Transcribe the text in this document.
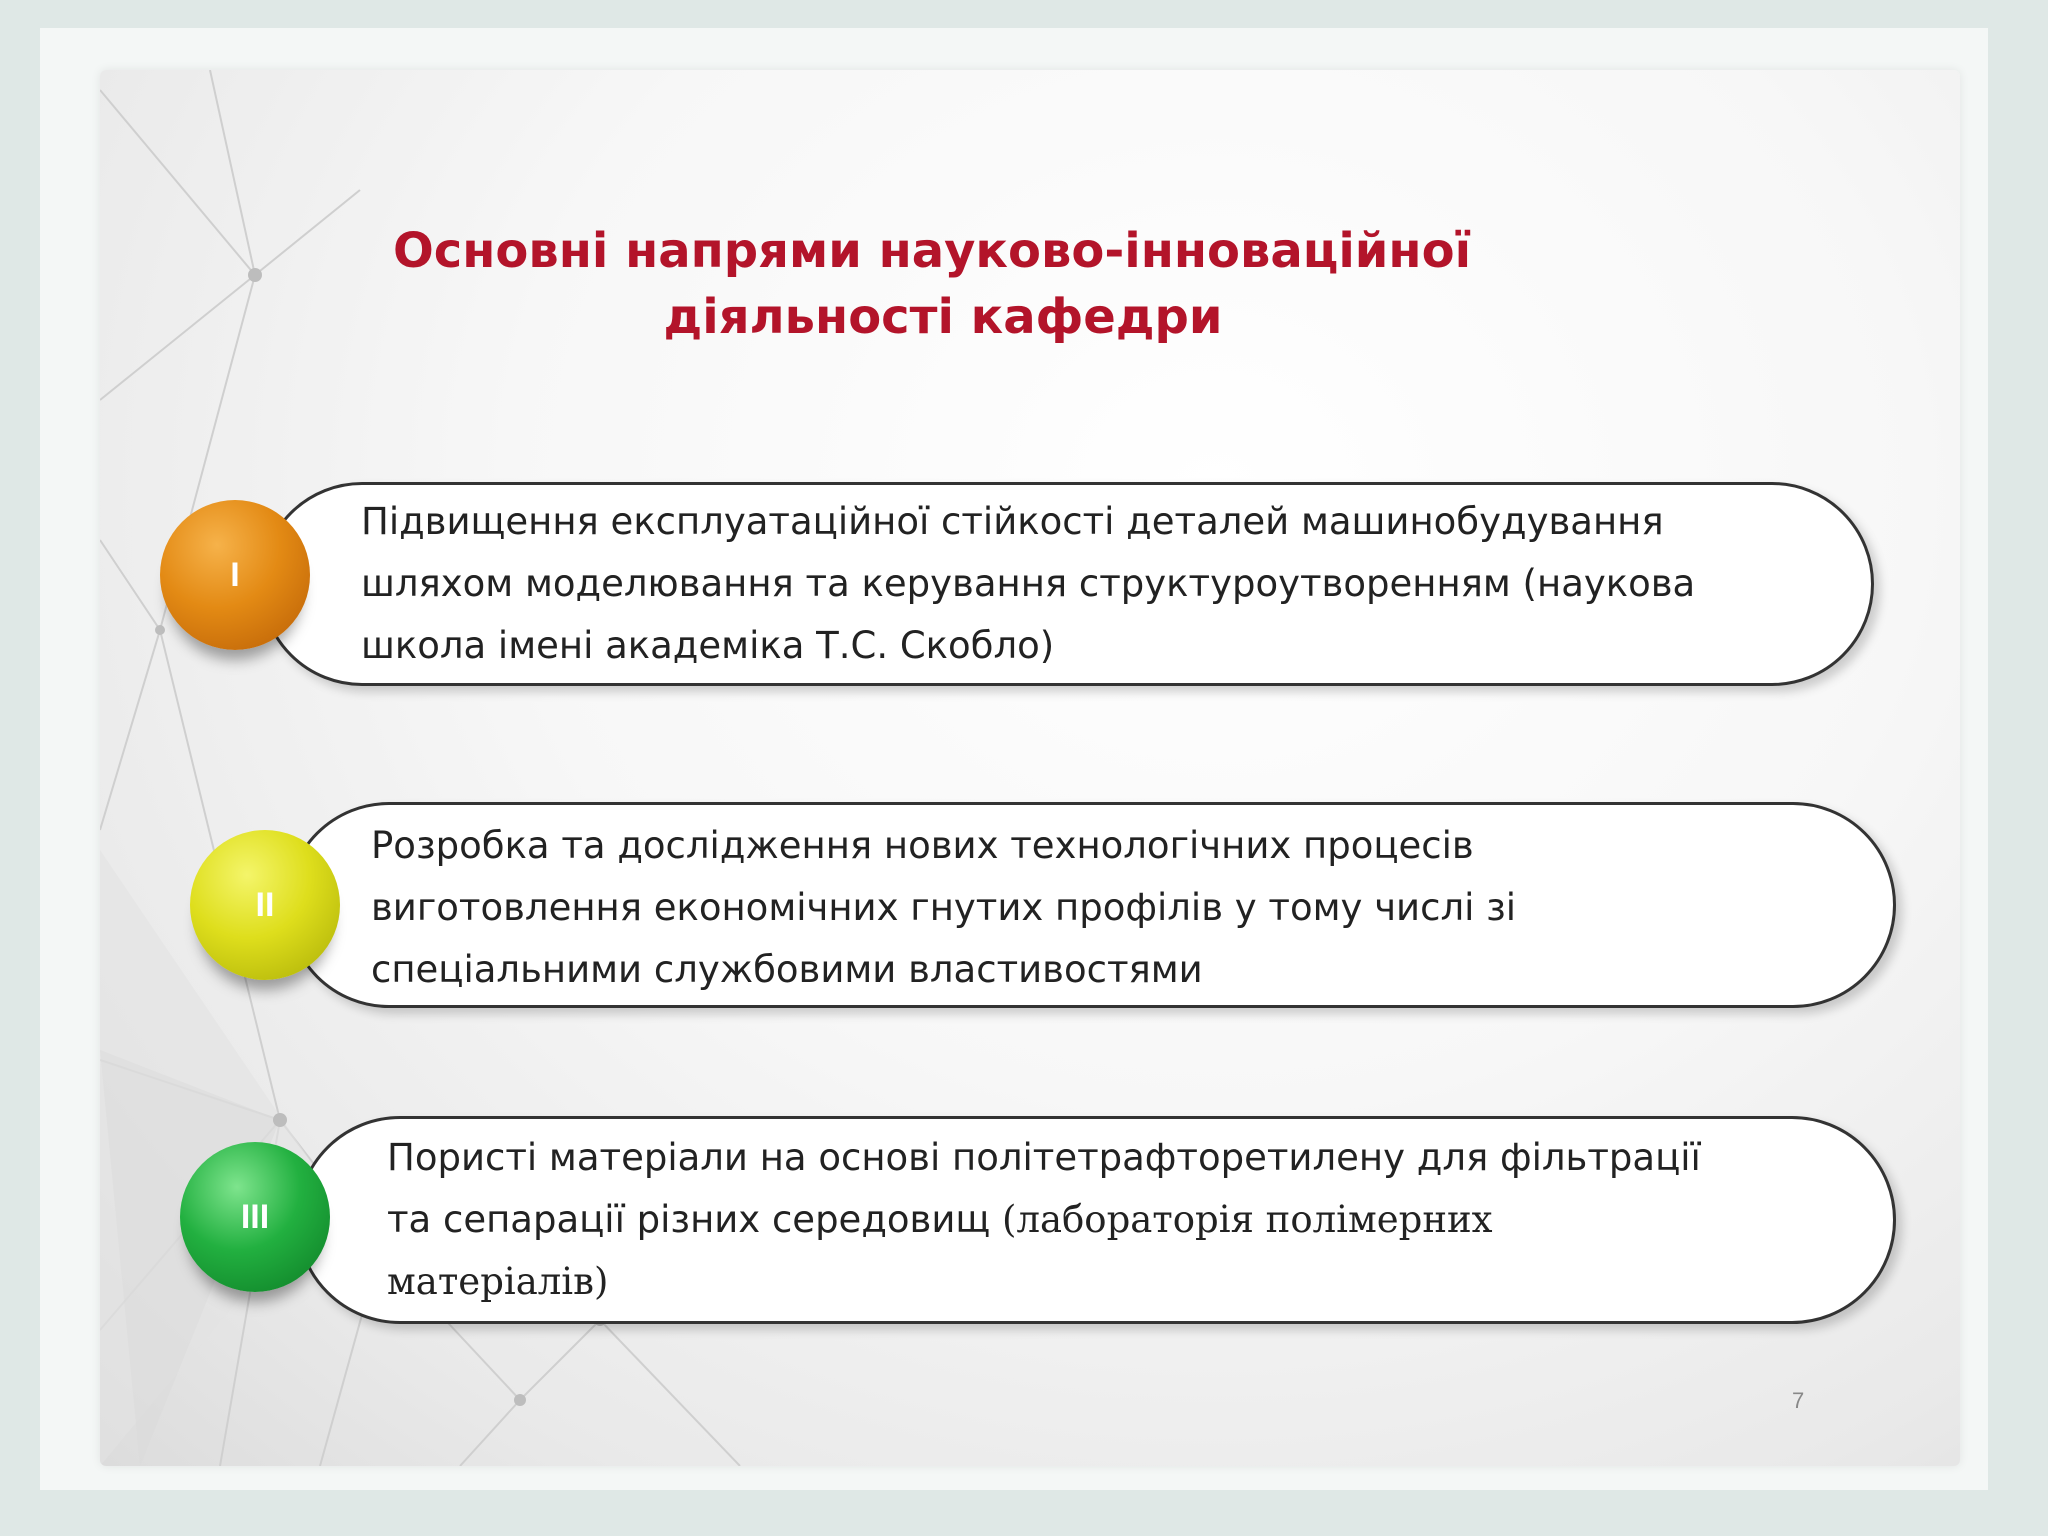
Основні напрями науково-інноваційної
діяльності кафедри
Підвищення експлуатаційної стійкості деталей машинобудування
шляхом моделювання та керування структуроутворенням (наукова
школа імені академіка Т.С. Скобло)
I
Розробка та дослідження нових технологічних процесів
виготовлення економічних гнутих профілів у тому числі зі
спеціальними службовими властивостями
II
Пористі матеріали на основі політетрафторетилену для фільтрації
та сепарації різних середовищ (лабораторія полімерних
матеріалів)
III
7
